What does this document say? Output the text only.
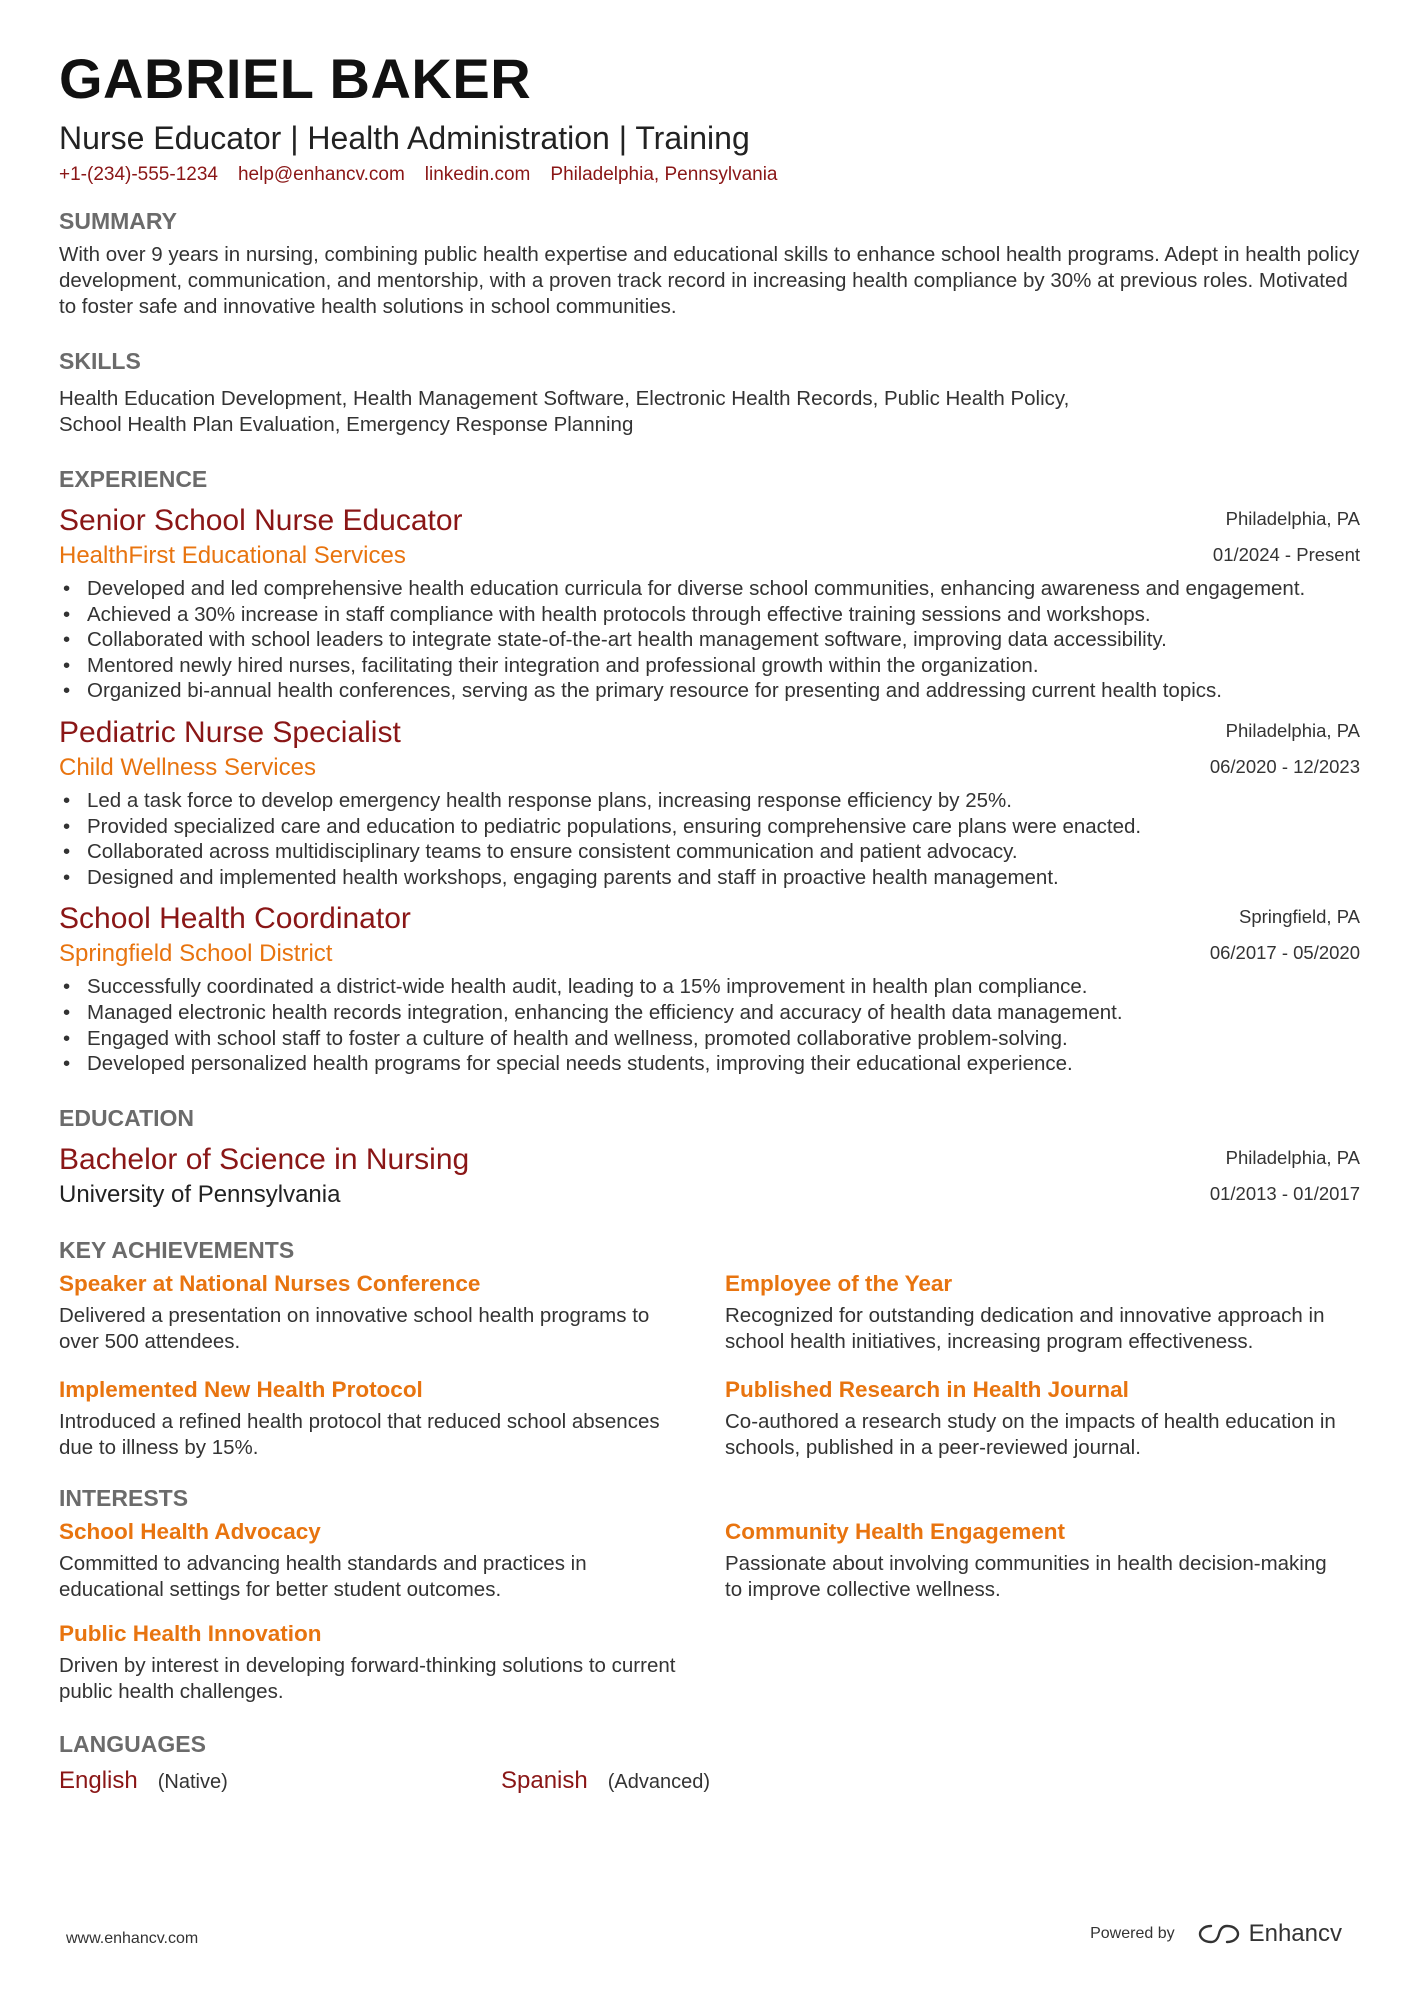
GABRIEL BAKER
Nurse Educator | Health Administration | Training
+1-(234)-555-1234 help@enhancv.com linkedin.com Philadelphia, Pennsylvania
SUMMARY
With over 9 years in nursing, combining public health expertise and educational skills to enhance school health programs. Adept in health policy development, communication, and mentorship, with a proven track record in increasing health compliance by 30% at previous roles. Motivated to foster safe and innovative health solutions in school communities.
SKILLS
Health Education Development, Health Management Software, Electronic Health Records, Public Health Policy,
School Health Plan Evaluation, Emergency Response Planning
EXPERIENCE
Senior School Nurse Educator
HealthFirst Educational Services
Philadelphia, PA
01/2024 - Present
• Developed and led comprehensive health education curricula for diverse school communities, enhancing awareness and engagement.
• Achieved a 30% increase in staff compliance with health protocols through effective training sessions and workshops.
• Collaborated with school leaders to integrate state-of-the-art health management software, improving data accessibility.
• Mentored newly hired nurses, facilitating their integration and professional growth within the organization.
• Organized bi-annual health conferences, serving as the primary resource for presenting and addressing current health topics.
Pediatric Nurse Specialist
Child Wellness Services
Philadelphia, PA
06/2020 - 12/2023
• Led a task force to develop emergency health response plans, increasing response efficiency by 25%.
• Provided specialized care and education to pediatric populations, ensuring comprehensive care plans were enacted.
• Collaborated across multidisciplinary teams to ensure consistent communication and patient advocacy.
• Designed and implemented health workshops, engaging parents and staff in proactive health management.
School Health Coordinator
Springfield School District
Springfield, PA
06/2017 - 05/2020
• Successfully coordinated a district-wide health audit, leading to a 15% improvement in health plan compliance.
• Managed electronic health records integration, enhancing the efficiency and accuracy of health data management.
• Engaged with school staff to foster a culture of health and wellness, promoted collaborative problem-solving.
• Developed personalized health programs for special needs students, improving their educational experience.
EDUCATION
Bachelor of Science in Nursing
University of Pennsylvania
Philadelphia, PA
01/2013 - 01/2017
KEY ACHIEVEMENTS
Speaker at National Nurses Conference
Delivered a presentation on innovative school health programs to over 500 attendees.
Employee of the Year
Recognized for outstanding dedication and innovative approach in school health initiatives, increasing program effectiveness.
Implemented New Health Protocol
Introduced a refined health protocol that reduced school absences due to illness by 15%.
Published Research in Health Journal
Co-authored a research study on the impacts of health education in schools, published in a peer-reviewed journal.
INTERESTS
School Health Advocacy
Committed to advancing health standards and practices in educational settings for better student outcomes.
Community Health Engagement
Passionate about involving communities in health decision-making to improve collective wellness.
Public Health Innovation
Driven by interest in developing forward-thinking solutions to current public health challenges.
LANGUAGES
English (Native)	Spanish (Advanced)
www.enhancv.com	Powered by	Enhancv
